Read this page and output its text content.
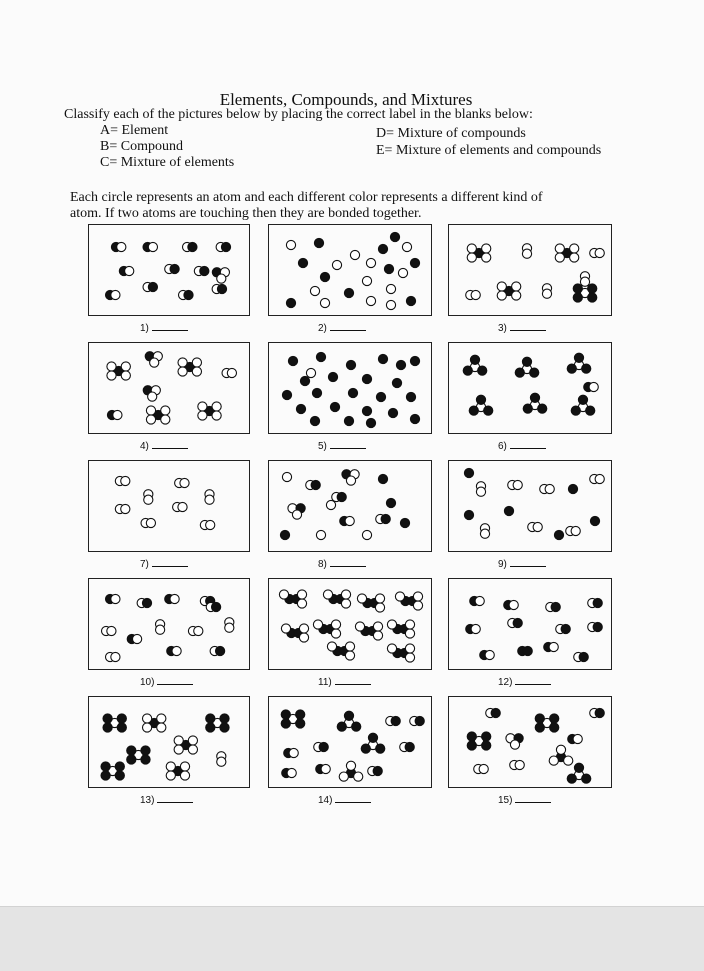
Elements, Compounds, and Mixtures
Classify each of the pictures below by placing the correct label in the blanks below:
A= Element
B= Compound
C= Mixture of elements
D= Mixture of compounds
E= Mixture of elements and compounds
Each circle represents an atom and each different color represents a different kind of
atom. If two atoms are touching then they are bonded together.
1)	2)	3)
4)	5)	6)
7)	8)	9)
10)	11)	12)
13)	14)	15)
